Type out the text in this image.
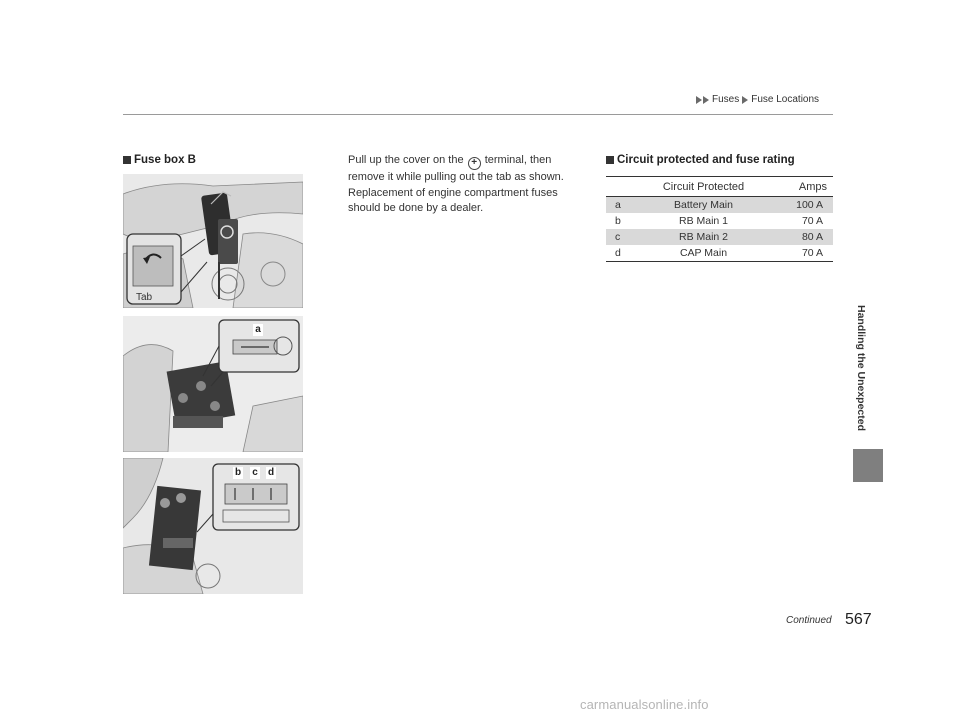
Fuses Fuse Locations
Handling the Unexpected
Fuse box B
Tab
a
b c d
Pull up the cover on the + terminal, then remove it while pulling out the tab as shown.
Replacement of engine compartment fuses should be done by a dealer.
Circuit protected and fuse rating
	Circuit Protected	Amps
a	Battery Main	100 A
b	RB Main 1	70 A
c	RB Main 2	80 A
d	CAP Main	70 A
Continued 567
carmanualsonline.info
